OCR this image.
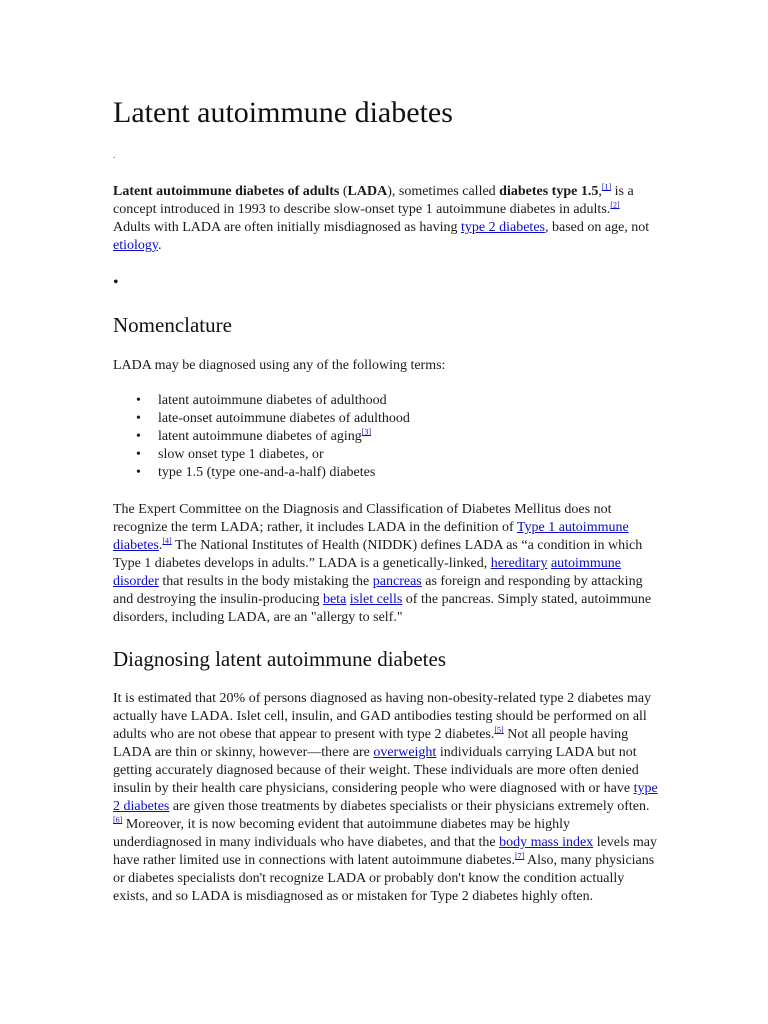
Latent autoimmune diabetes
.

Latent autoimmune diabetes of adults (LADA), sometimes called diabetes type 1.5,[1] is a concept introduced in 1993 to describe slow-onset type 1 autoimmune diabetes in adults.[2] Adults with LADA are often initially misdiagnosed as having type 2 diabetes, based on age, not etiology.

•
Nomenclature

LADA may be diagnosed using any of the following terms:

• latent autoimmune diabetes of adulthood
• late-onset autoimmune diabetes of adulthood
• latent autoimmune diabetes of aging[3]
• slow onset type 1 diabetes, or
• type 1.5 (type one-and-a-half) diabetes

The Expert Committee on the Diagnosis and Classification of Diabetes Mellitus does not recognize the term LADA; rather, it includes LADA in the definition of Type 1 autoimmune diabetes.[4] The National Institutes of Health (NIDDK) defines LADA as “a condition in which Type 1 diabetes develops in adults.” LADA is a genetically-linked, hereditary autoimmune disorder that results in the body mistaking the pancreas as foreign and responding by attacking and destroying the insulin-producing beta islet cells of the pancreas. Simply stated, autoimmune disorders, including LADA, are an "allergy to self."

Diagnosing latent autoimmune diabetes

It is estimated that 20% of persons diagnosed as having non-obesity-related type 2 diabetes may actually have LADA. Islet cell, insulin, and GAD antibodies testing should be performed on all adults who are not obese that appear to present with type 2 diabetes.[5] Not all people having LADA are thin or skinny, however—there are overweight individuals carrying LADA but not getting accurately diagnosed because of their weight. These individuals are more often denied insulin by their health care physicians, considering people who were diagnosed with or have type 2 diabetes are given those treatments by diabetes specialists or their physicians extremely often.[6] Moreover, it is now becoming evident that autoimmune diabetes may be highly underdiagnosed in many individuals who have diabetes, and that the body mass index levels may have rather limited use in connections with latent autoimmune diabetes.[7] Also, many physicians or diabetes specialists don't recognize LADA or probably don't know the condition actually exists, and so LADA is misdiagnosed as or mistaken for Type 2 diabetes highly often.
